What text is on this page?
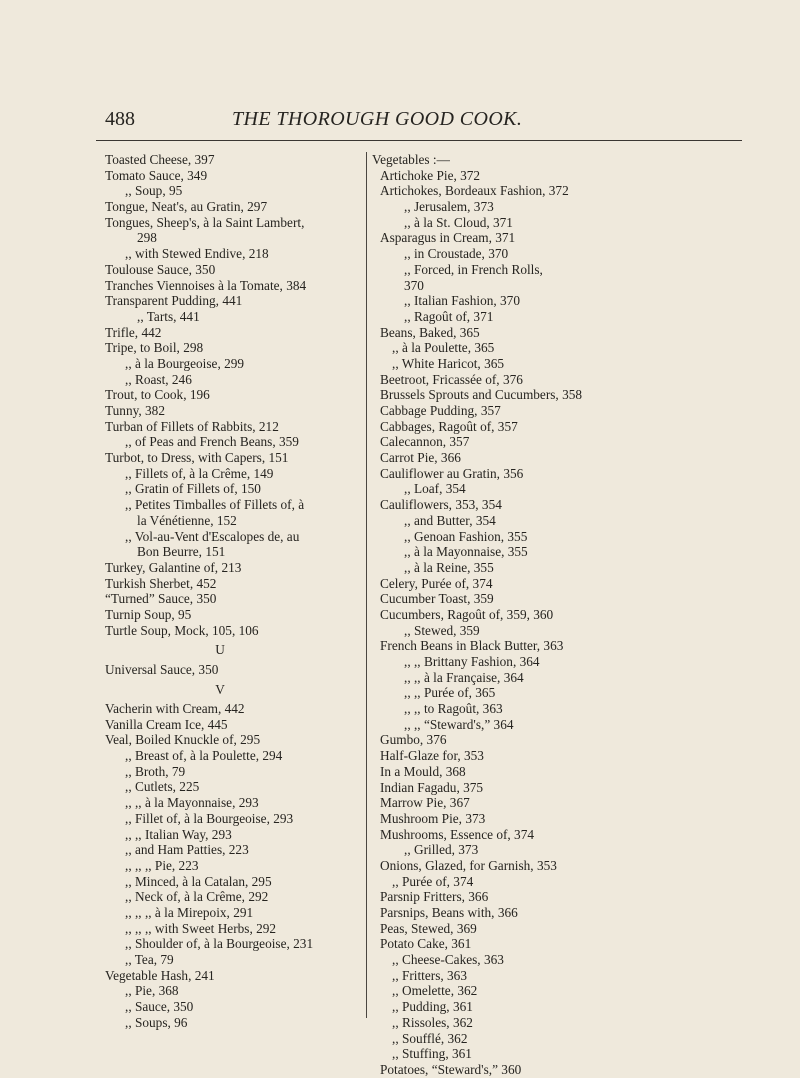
488	THE THOROUGH GOOD COOK.
Toasted Cheese, 397
Tomato Sauce, 349
,, Soup, 95
Tongue, Neat's, au Gratin, 297
Tongues, Sheep's, à la Saint Lambert,
298
,, with Stewed Endive, 218
Toulouse Sauce, 350
Tranches Viennoises à la Tomate, 384
Transparent Pudding, 441
,, Tarts, 441
Trifle, 442
Tripe, to Boil, 298
,, à la Bourgeoise, 299
,, Roast, 246
Trout, to Cook, 196
Tunny, 382
Turban of Fillets of Rabbits, 212
,, of Peas and French Beans, 359
Turbot, to Dress, with Capers, 151
,, Fillets of, à la Crême, 149
,, Gratin of Fillets of, 150
,, Petites Timballes of Fillets of, à
la Vénétienne, 152
,, Vol-au-Vent d'Escalopes de, au
Bon Beurre, 151
Turkey, Galantine of, 213
Turkish Sherbet, 452
“Turned” Sauce, 350
Turnip Soup, 95
Turtle Soup, Mock, 105, 106
U
Universal Sauce, 350
V
Vacherin with Cream, 442
Vanilla Cream Ice, 445
Veal, Boiled Knuckle of, 295
,, Breast of, à la Poulette, 294
,, Broth, 79
,, Cutlets, 225
,, ,, à la Mayonnaise, 293
,, Fillet of, à la Bourgeoise, 293
,, ,, Italian Way, 293
,, and Ham Patties, 223
,, ,, ,, Pie, 223
,, Minced, à la Catalan, 295
,, Neck of, à la Crême, 292
,, ,, ,, à la Mirepoix, 291
,, ,, ,, with Sweet Herbs, 292
,, Shoulder of, à la Bourgeoise, 231
,, Tea, 79
Vegetable Hash, 241
,, Pie, 368
,, Sauce, 350
,, Soups, 96
Vegetables :—
Artichoke Pie, 372
Artichokes, Bordeaux Fashion, 372
,, Jerusalem, 373
,, à la St. Cloud, 371
Asparagus in Cream, 371
,, in Croustade, 370
,, Forced, in French Rolls,
370
,, Italian Fashion, 370
,, Ragoût of, 371
Beans, Baked, 365
,, à la Poulette, 365
,, White Haricot, 365
Beetroot, Fricassée of, 376
Brussels Sprouts and Cucumbers, 358
Cabbage Pudding, 357
Cabbages, Ragoût of, 357
Calecannon, 357
Carrot Pie, 366
Cauliflower au Gratin, 356
,, Loaf, 354
Cauliflowers, 353, 354
,, and Butter, 354
,, Genoan Fashion, 355
,, à la Mayonnaise, 355
,, à la Reine, 355
Celery, Purée of, 374
Cucumber Toast, 359
Cucumbers, Ragoût of, 359, 360
,, Stewed, 359
French Beans in Black Butter, 363
,, ,, Brittany Fashion, 364
,, ,, à la Française, 364
,, ,, Purée of, 365
,, ,, to Ragoût, 363
,, ,, “Steward's,” 364
Gumbo, 376
Half-Glaze for, 353
In a Mould, 368
Indian Fagadu, 375
Marrow Pie, 367
Mushroom Pie, 373
Mushrooms, Essence of, 374
,, Grilled, 373
Onions, Glazed, for Garnish, 353
,, Purée of, 374
Parsnip Fritters, 366
Parsnips, Beans with, 366
Peas, Stewed, 369
Potato Cake, 361
,, Cheese-Cakes, 363
,, Fritters, 363
,, Omelette, 362
,, Pudding, 361
,, Rissoles, 362
,, Soufflé, 362
,, Stuffing, 361
Potatoes, “Steward's,” 360
